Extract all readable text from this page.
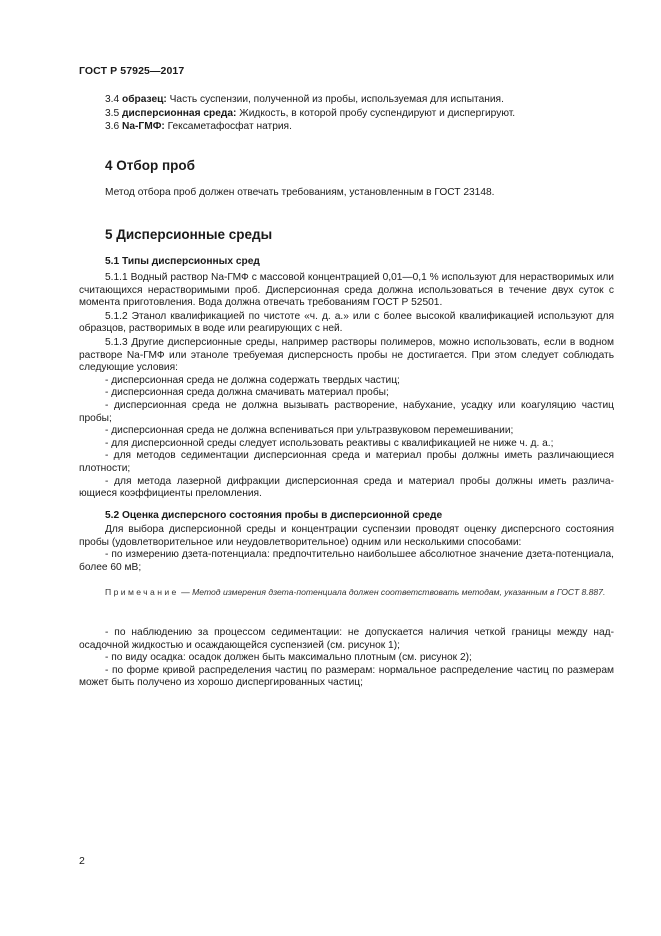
ГОСТ Р 57925—2017
3.4 образец: Часть суспензии, полученной из пробы, используемая для испытания.
3.5 дисперсионная среда: Жидкость, в которой пробу суспендируют и диспергируют.
3.6 Na-ГМФ: Гексаметафосфат натрия.
4 Отбор проб

Метод отбора проб должен отвечать требованиям, установленным в ГОСТ 23148.

5 Дисперсионные среды
5.1 Типы дисперсионных сред

5.1.1 Водный раствор Na-ГМФ с массовой концентрацией 0,01—0,1 % используют для нерастворимых или считающихся нерастворимыми проб. Дисперсионная среда должна использоваться в течение двух суток с момента приготовления. Вода должна отвечать требованиям ГОСТ Р 52501.

5.1.2 Этанол квалификацией по чистоте «ч. д. а.» или с более высокой квалификацией используют для образцов, растворимых в воде или реагирующих с ней.

5.1.3 Другие дисперсионные среды, например растворы полимеров, можно использовать, если в водном растворе Na-ГМФ или этаноле требуемая дисперсность пробы не достигается. При этом следует соблюдать следующие условия:

- дисперсионная среда не должна содержать твердых частиц;

- дисперсионная среда должна смачивать материал пробы;

- дисперсионная среда не должна вызывать растворение, набухание, усадку или коагуляцию частиц пробы;

- дисперсионная среда не должна вспениваться при ультразвуковом перемешивании;

- для дисперсионной среды следует использовать реактивы с квалификацией не ниже ч. д. а.;

- для методов седиментации дисперсионная среда и материал пробы должны иметь различающиеся плотности;

- для метода лазерной дифракции дисперсионная среда и материал пробы должны иметь различающиеся коэффициенты преломления.

5.2 Оценка дисперсного состояния пробы в дисперсионной среде

Для выбора дисперсионной среды и концентрации суспензии проводят оценку дисперсного состояния пробы (удовлетворительное или неудовлетворительное) одним или несколькими способами:

- по измерению дзета-потенциала: предпочтительно наибольшее абсолютное значение дзета-потенциала, более 60 мВ;

Примечание — Метод измерения дзета-потенциала должен соответствовать методам, указанным в ГОСТ 8.887.

- по наблюдению за процессом седиментации: не допускается наличия четкой границы между надосадочной жидкостью и осаждающейся суспензией (см. рисунок 1);

- по виду осадка: осадок должен быть максимально плотным (см. рисунок 2);

- по форме кривой распределения частиц по размерам: нормальное распределение частиц по размерам может быть получено из хорошо диспергированных частиц;

2
